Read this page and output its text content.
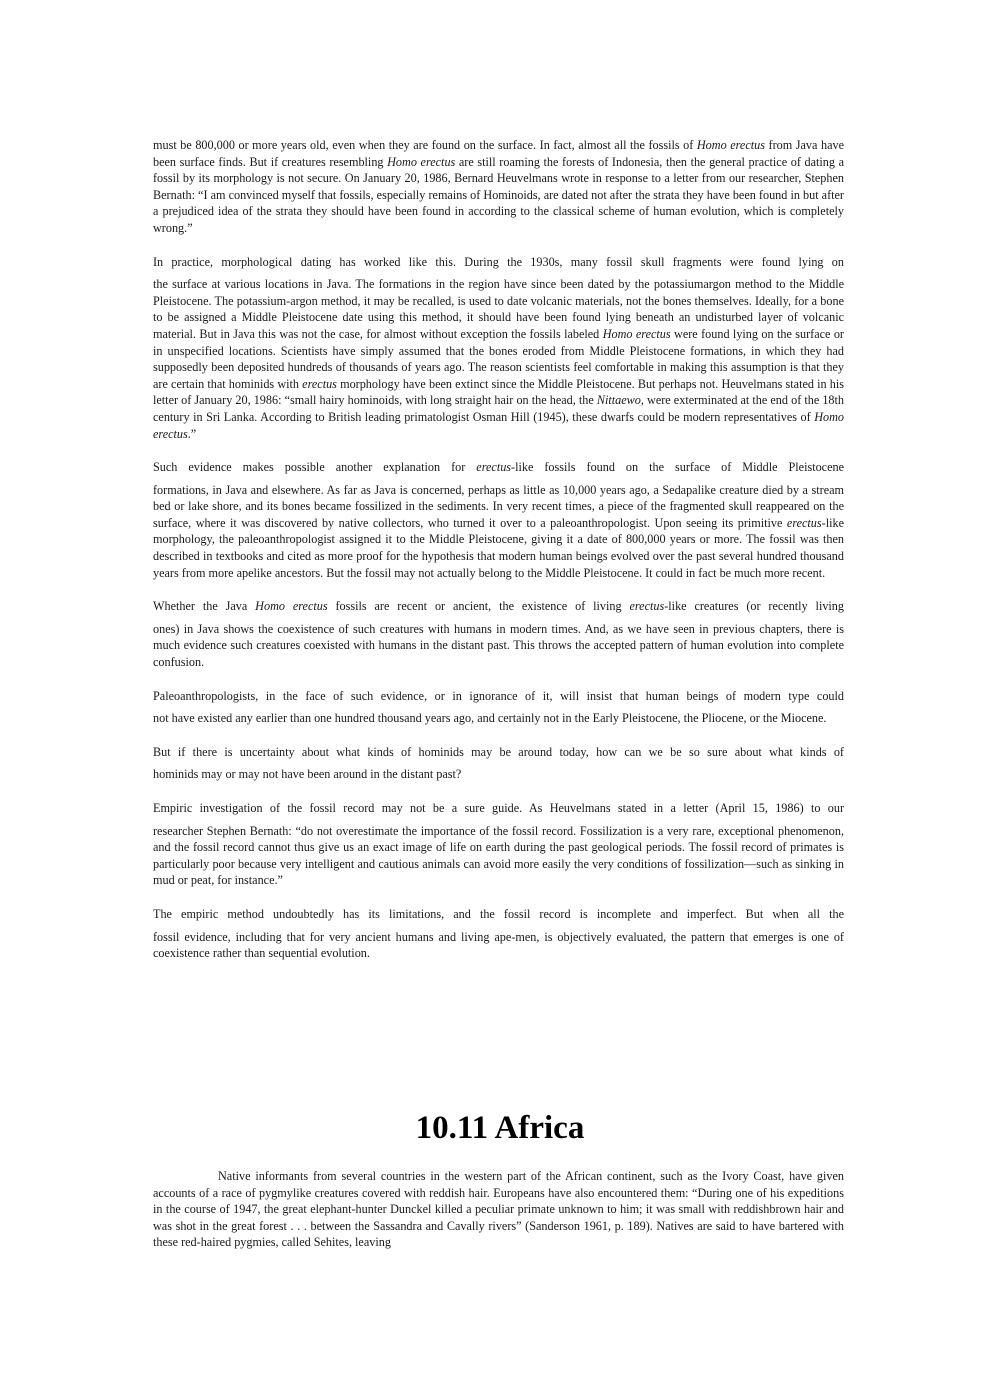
must be 800,000 or more years old, even when they are found on the surface. In fact, almost all the fossils of Homo erectus from Java have been surface finds. But if creatures resembling Homo erectus are still roaming the forests of Indonesia, then the general practice of dating a fossil by its morphology is not secure. On January 20, 1986, Bernard Heuvelmans wrote in response to a letter from our researcher, Stephen Bernath: “I am convinced myself that fossils, especially remains of Hominoids, are dated not after the strata they have been found in but after a prejudiced idea of the strata they should have been found in according to the classical scheme of human evolution, which is completely wrong.”

In practice, morphological dating has worked like this. During the 1930s, many fossil skull fragments were found lying on
the surface at various locations in Java. The formations in the region have since been dated by the potassiumargon method to the Middle Pleistocene. The potassium-argon method, it may be recalled, is used to date volcanic materials, not the bones themselves. Ideally, for a bone to be assigned a Middle Pleistocene date using this method, it should have been found lying beneath an undisturbed layer of volcanic material. But in Java this was not the case, for almost without exception the fossils labeled Homo erectus were found lying on the surface or in unspecified locations. Scientists have simply assumed that the bones eroded from Middle Pleistocene formations, in which they had supposedly been deposited hundreds of thousands of years ago. The reason scientists feel comfortable in making this assumption is that they are certain that hominids with erectus morphology have been extinct since the Middle Pleistocene. But perhaps not. Heuvelmans stated in his letter of January 20, 1986: “small hairy hominoids, with long straight hair on the head, the Nittaewo, were exterminated at the end of the 18th century in Sri Lanka. According to British leading primatologist Osman Hill (1945), these dwarfs could be modern representatives of Homo erectus.”

Such evidence makes possible another explanation for erectus-like fossils found on the surface of Middle Pleistocene
formations, in Java and elsewhere. As far as Java is concerned, perhaps as little as 10,000 years ago, a Sedapalike creature died by a stream bed or lake shore, and its bones became fossilized in the sediments. In very recent times, a piece of the fragmented skull reappeared on the surface, where it was discovered by native collectors, who turned it over to a paleoanthropologist. Upon seeing its primitive erectus-like morphology, the paleoanthropologist assigned it to the Middle Pleistocene, giving it a date of 800,000 years or more. The fossil was then described in textbooks and cited as more proof for the hypothesis that modern human beings evolved over the past several hundred thousand years from more apelike ancestors. But the fossil may not actually belong to the Middle Pleistocene. It could in fact be much more recent.

Whether the Java Homo erectus fossils are recent or ancient, the existence of living erectus-like creatures (or recently living
ones) in Java shows the coexistence of such creatures with humans in modern times. And, as we have seen in previous chapters, there is much evidence such creatures coexisted with humans in the distant past. This throws the accepted pattern of human evolution into complete confusion.

Paleoanthropologists, in the face of such evidence, or in ignorance of it, will insist that human beings of modern type could
not have existed any earlier than one hundred thousand years ago, and certainly not in the Early Pleistocene, the Pliocene, or the Miocene.

But if there is uncertainty about what kinds of hominids may be around today, how can we be so sure about what kinds of
hominids may or may not have been around in the distant past?

Empiric investigation of the fossil record may not be a sure guide. As Heuvelmans stated in a letter (April 15, 1986) to our
researcher Stephen Bernath: “do not overestimate the importance of the fossil record. Fossilization is a very rare, exceptional phenomenon, and the fossil record cannot thus give us an exact image of life on earth during the past geological periods. The fossil record of primates is particularly poor because very intelligent and cautious animals can avoid more easily the very conditions of fossilization—such as sinking in mud or peat, for instance.”

The empiric method undoubtedly has its limitations, and the fossil record is incomplete and imperfect. But when all the
fossil evidence, including that for very ancient humans and living ape-men, is objectively evaluated, the pattern that emerges is one of coexistence rather than sequential evolution.

10.11 Africa

Native informants from several countries in the western part of the African continent, such as the Ivory Coast, have given accounts of a race of pygmylike creatures covered with reddish hair. Europeans have also encountered them: “During one of his expeditions in the course of 1947, the great elephant-hunter Dunckel killed a peculiar primate unknown to him; it was small with reddishbrown hair and was shot in the great forest . . . between the Sassandra and Cavally rivers” (Sanderson 1961, p. 189). Natives are said to have bartered with these red-haired pygmies, called Sehites, leaving
